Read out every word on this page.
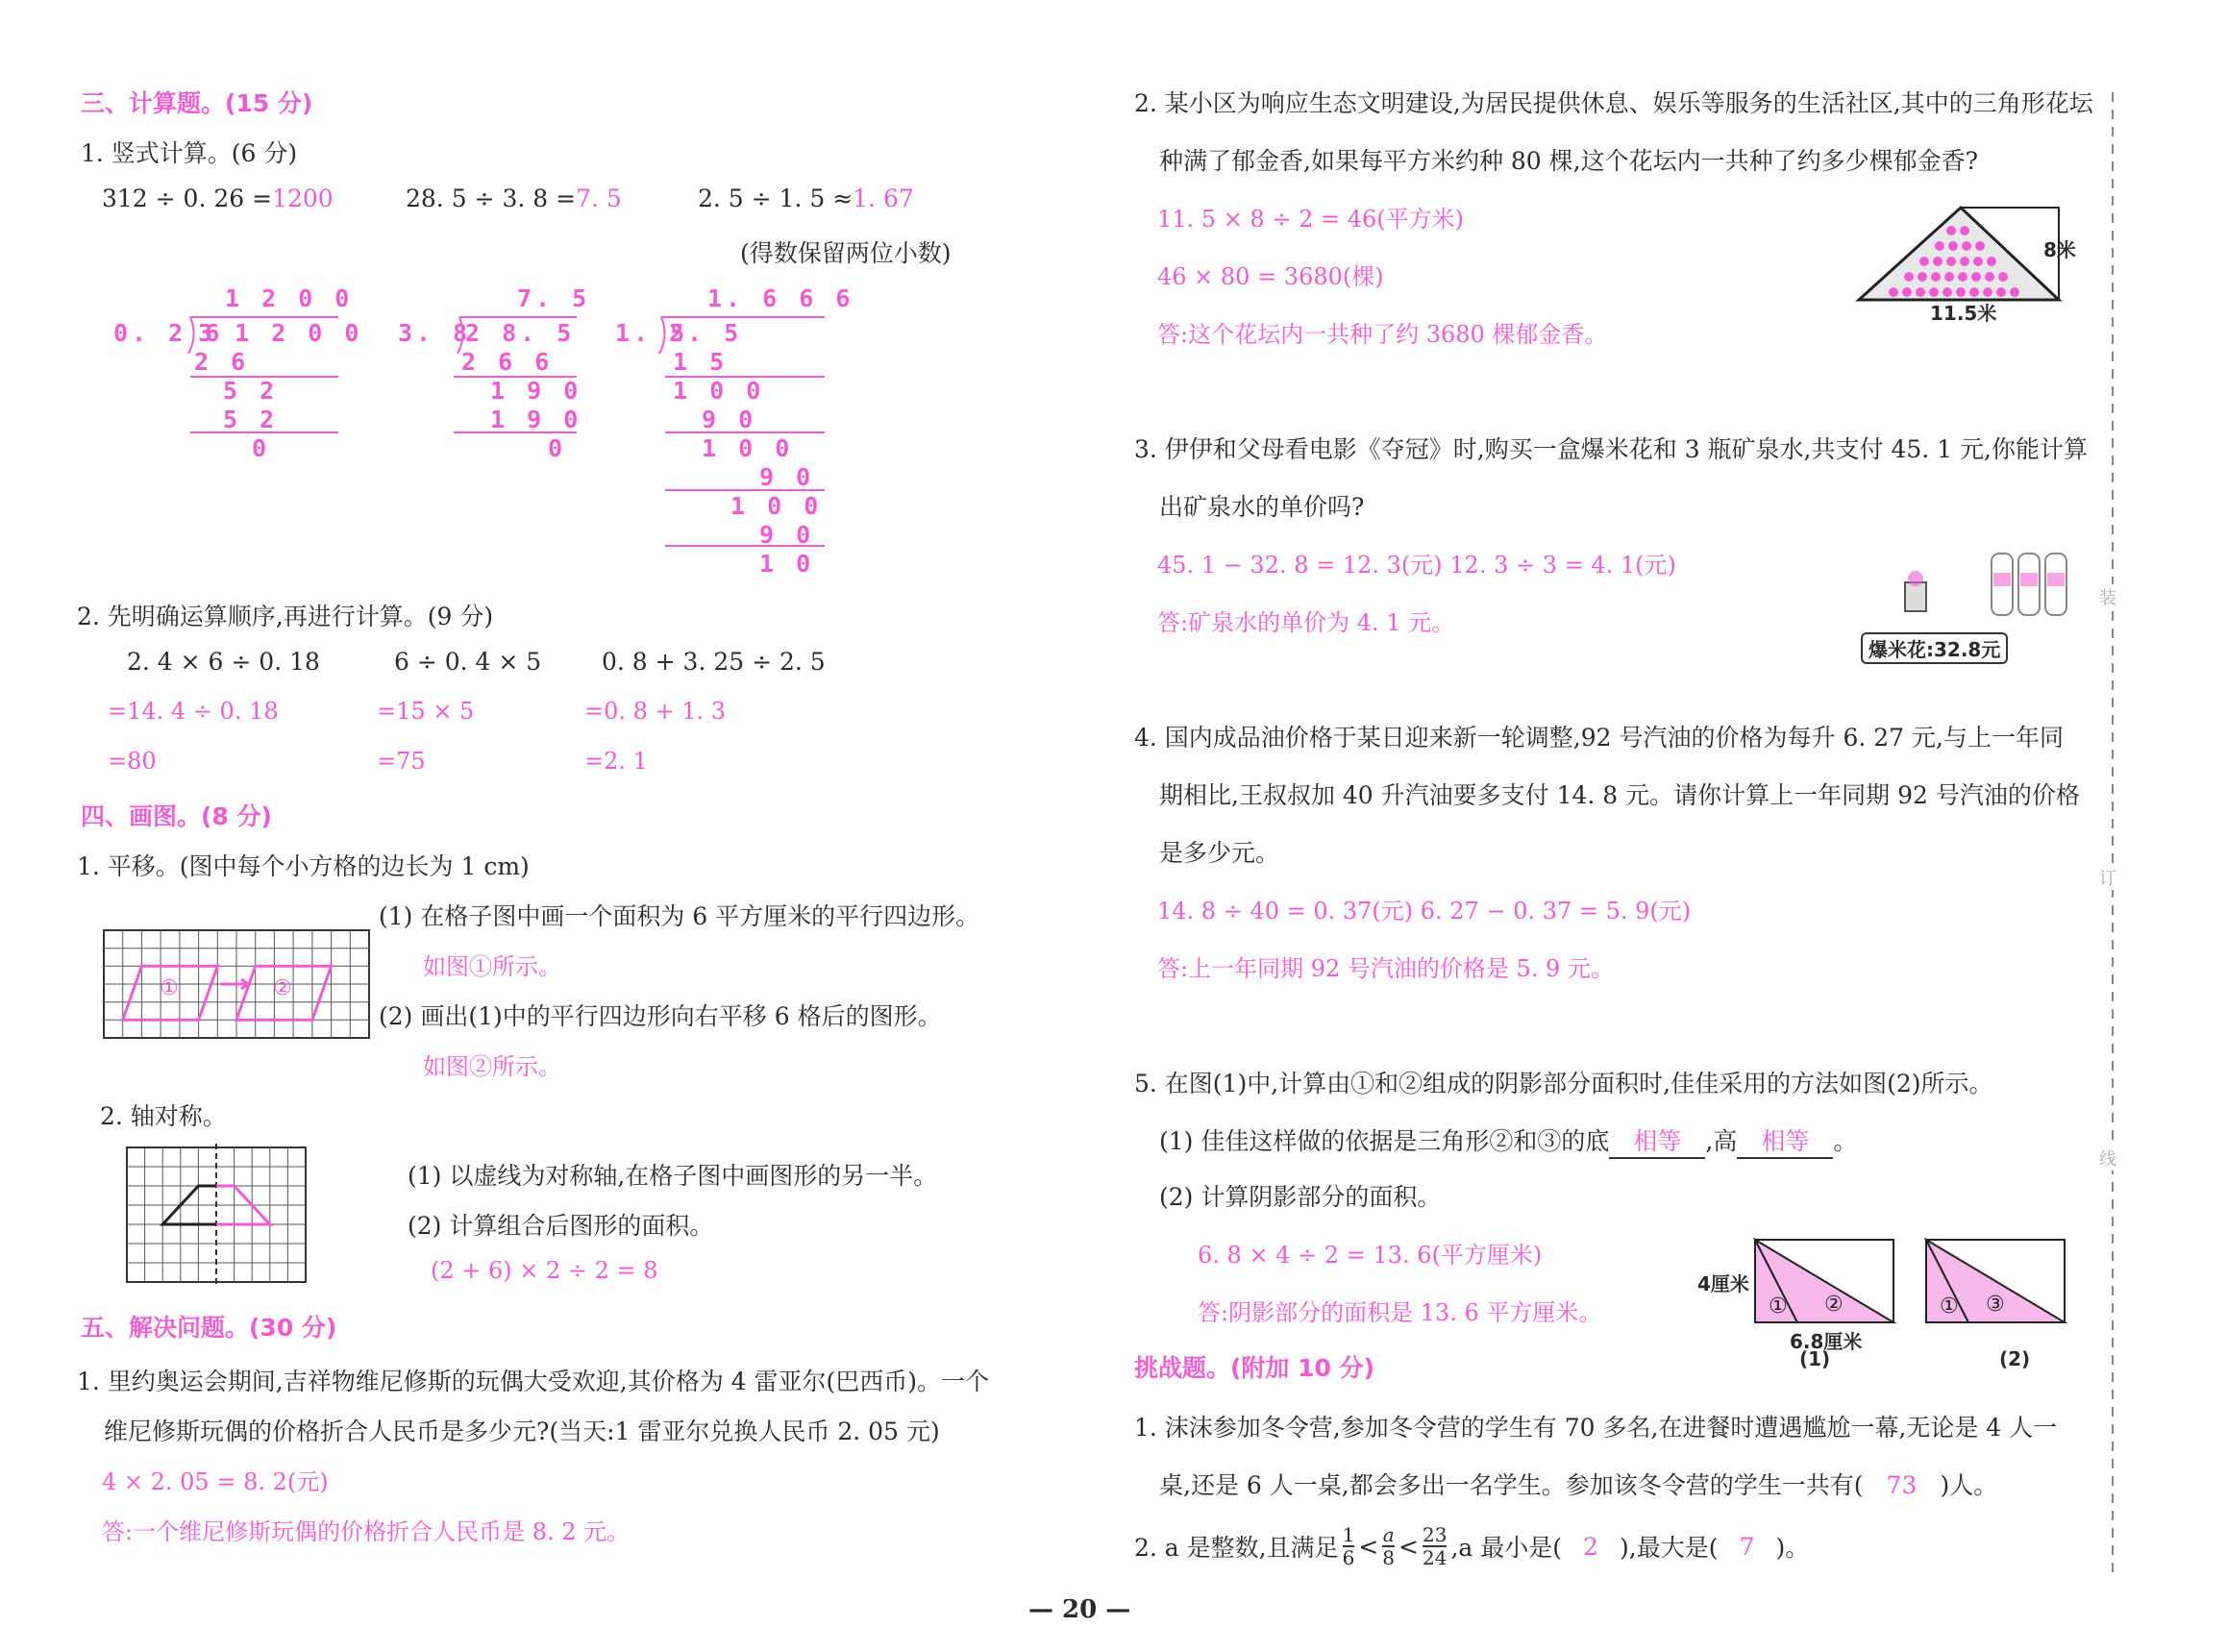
三、计算题。(15 分)
1. 竖式计算。(6 分)
312 ÷ 0. 26 =1200	28. 5 ÷ 3. 8 =7. 5	2. 5 ÷ 1. 5 ≈1. 67
(得数保留两位小数)
1 2 0 0
0. 2 6
3 1 2 0 0
2 6
5 2
5 2
0
7. 5
3. 8
2 8. 5
2 6 6
1 9 0
1 9 0
0
1. 6 6 6
1. 5
2. 5
1 5
1 0 0
9 0
1 0 0
9 0
1 0 0
9 0
1 0
2. 先明确运算顺序,再进行计算。(9 分)
2. 4 × 6 ÷ 0. 18	6 ÷ 0. 4 × 5	0. 8 + 3. 25 ÷ 2. 5
=14. 4 ÷ 0. 18	=15 × 5	=0. 8 + 1. 3
=80	=75	=2. 1
四、画图。(8 分)
1. 平移。(图中每个小方格的边长为 1 cm)
(1) 在格子图中画一个面积为 6 平方厘米的平行四边形。
如图①所示。
(2) 画出(1)中的平行四边形向右平移 6 格后的图形。
如图②所示。
①	②
2. 轴对称。
(1) 以虚线为对称轴,在格子图中画图形的另一半。
(2) 计算组合后图形的面积。
(2 + 6) × 2 ÷ 2 = 8
五、解决问题。(30 分)
1. 里约奥运会期间,吉祥物维尼修斯的玩偶大受欢迎,其价格为 4 雷亚尔(巴西币)。一个
维尼修斯玩偶的价格折合人民币是多少元?(当天:1 雷亚尔兑换人民币 2. 05 元)
4 × 2. 05 = 8. 2(元)
答:一个维尼修斯玩偶的价格折合人民币是 8. 2 元。
2. 某小区为响应生态文明建设,为居民提供休息、娱乐等服务的生活社区,其中的三角形花坛
种满了郁金香,如果每平方米约种 80 棵,这个花坛内一共种了约多少棵郁金香?
11. 5 × 8 ÷ 2 = 46(平方米)
46 × 80 = 3680(棵)
答:这个花坛内一共种了约 3680 棵郁金香。
8米
11.5米
3. 伊伊和父母看电影《夺冠》时,购买一盒爆米花和 3 瓶矿泉水,共支付 45. 1 元,你能计算
出矿泉水的单价吗?
45. 1 − 32. 8 = 12. 3(元) 12. 3 ÷ 3 = 4. 1(元)
答:矿泉水的单价为 4. 1 元。
爆米花:32.8元
4. 国内成品油价格于某日迎来新一轮调整,92 号汽油的价格为每升 6. 27 元,与上一年同
期相比,王叔叔加 40 升汽油要多支付 14. 8 元。请你计算上一年同期 92 号汽油的价格
是多少元。
14. 8 ÷ 40 = 0. 37(元) 6. 27 − 0. 37 = 5. 9(元)
答:上一年同期 92 号汽油的价格是 5. 9 元。
5. 在图(1)中,计算由①和②组成的阴影部分面积时,佳佳采用的方法如图(2)所示。
(1) 佳佳这样做的依据是三角形②和③的底 相等 ,高 相等 。
(2) 计算阴影部分的面积。
6. 8 × 4 ÷ 2 = 13. 6(平方厘米)
答:阴影部分的面积是 13. 6 平方厘米。	① ②	① ③
4厘米
6.8厘米
(1)	(2)
挑战题。(附加 10 分)
1. 沫沫参加冬令营,参加冬令营的学生有 70 多名,在进餐时遭遇尴尬一幕,无论是 4 人一
桌,还是 6 人一桌,都会多出一名学生。参加该冬令营的学生一共有( 73 )人。
2. a 是整数,且满足 $\frac{1}{6} < \frac{a}{8} < \frac{23}{24} ,a$ 最小是( 2 ),最大是( 7 )。
装
订
线
— 20 —
